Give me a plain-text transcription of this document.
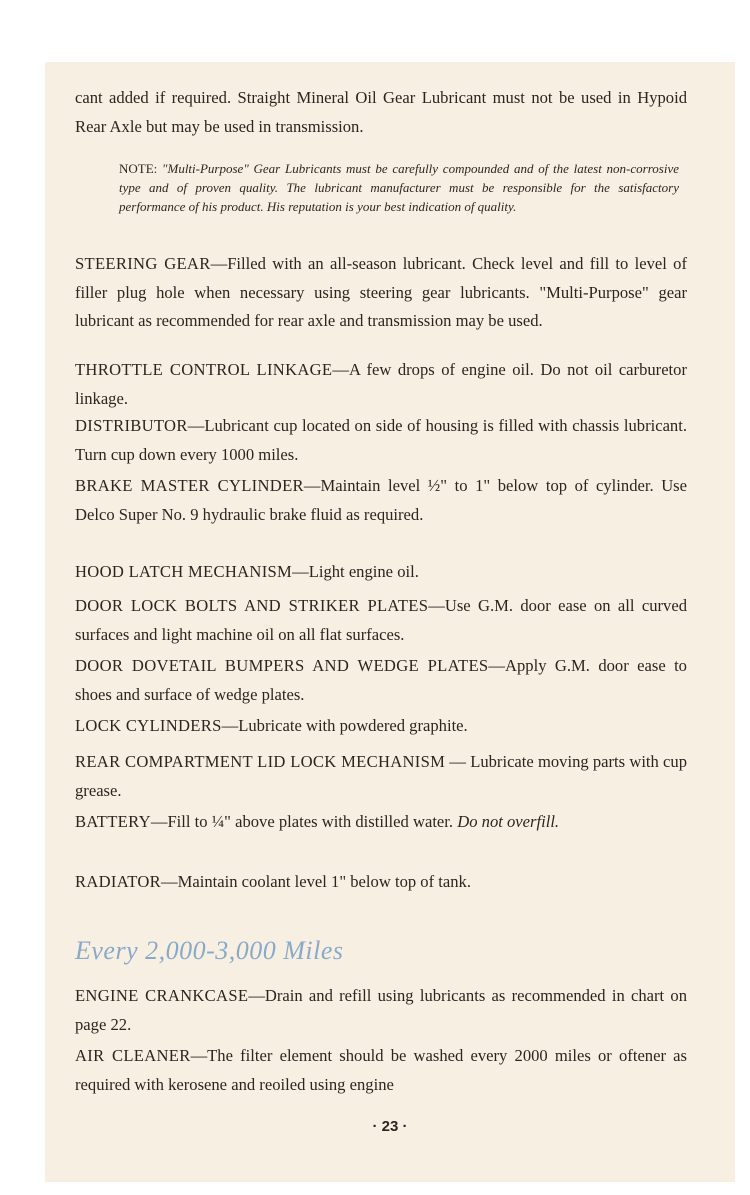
cant added if required. Straight Mineral Oil Gear Lubricant must not be used in Hypoid Rear Axle but may be used in transmission.

NOTE: "Multi-Purpose" Gear Lubricants must be carefully compounded and of the latest non-corrosive type and of proven quality. The lubricant manufacturer must be responsible for the satisfactory performance of his product. His reputation is your best indication of quality.

STEERING GEAR—Filled with an all-season lubricant. Check level and fill to level of filler plug hole when necessary using steering gear lubricants. "Multi-Purpose" gear lubricant as recommended for rear axle and transmission may be used.

THROTTLE CONTROL LINKAGE—A few drops of engine oil. Do not oil carburetor linkage.

DISTRIBUTOR—Lubricant cup located on side of housing is filled with chassis lubricant. Turn cup down every 1000 miles.

BRAKE MASTER CYLINDER—Maintain level ½" to 1" below top of cylinder. Use Delco Super No. 9 hydraulic brake fluid as required.

HOOD LATCH MECHANISM—Light engine oil.

DOOR LOCK BOLTS AND STRIKER PLATES—Use G.M. door ease on all curved surfaces and light machine oil on all flat surfaces.

DOOR DOVETAIL BUMPERS AND WEDGE PLATES—Apply G.M. door ease to shoes and surface of wedge plates.

LOCK CYLINDERS—Lubricate with powdered graphite.

REAR COMPARTMENT LID LOCK MECHANISM — Lubricate moving parts with cup grease.

BATTERY—Fill to ¼" above plates with distilled water. Do not overfill.

RADIATOR—Maintain coolant level 1" below top of tank.

ENGINE CRANKCASE—Drain and refill using lubricants as recommended in chart on page 22.

AIR CLEANER—The filter element should be washed every 2000 miles or oftener as required with kerosene and reoiled using engine

Every 2,000-3,000 Miles
· 23 ·
